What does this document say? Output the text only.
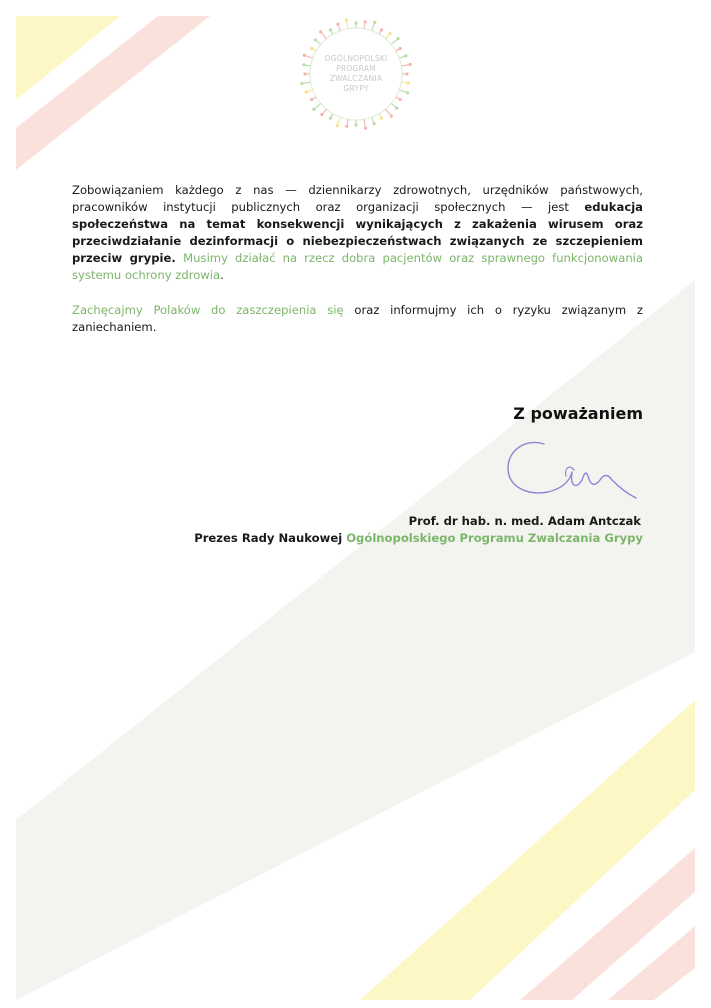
OGÓLNOPOLSKI
PROGRAM
ZWALCZANIA
GRYPY
Zobowiązaniem każdego z nas — dziennikarzy zdrowotnych, urzędników państwowych, pracowników instytucji publicznych oraz organizacji społecznych — jest edukacja społeczeństwa na temat konsekwencji wynikających z zakażenia wirusem oraz przeciwdziałanie dezinformacji o niebezpieczeństwach związanych ze szczepieniem przeciw grypie. Musimy działać na rzecz dobra pacjentów oraz sprawnego funkcjonowania systemu ochrony zdrowia.
Zachęcajmy Polaków do zaszczepienia się oraz informujmy ich o ryzyku związanym z zaniechaniem.
Z poważaniem
Prof. dr hab. n. med. Adam Antczak
Prezes Rady Naukowej Ogólnopolskiego Programu Zwalczania Grypy
